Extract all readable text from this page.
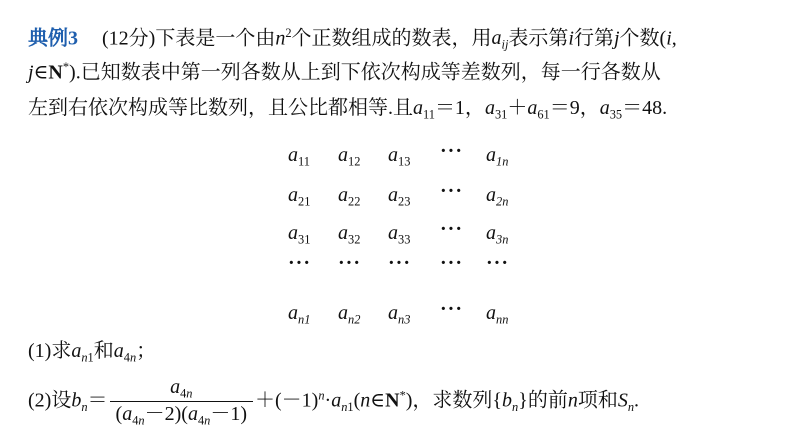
典例3 (12分)下表是一个由$n^2$个正数组成的数表，用$a_{ij}$表示第i行第j个数(i,
j∈N*).已知数表中第一列各数从上到下依次构成等差数列，每一行各数从
左到右依次构成等比数列，且公比都相等.且$a_{11}=1$，$a_{31}+a_{61}=9$，$a_{35}=48$.
$a_{11}$ $a_{12}$ $a_{13}$ ··· $a_{1n}$
$a_{21}$ $a_{22}$ $a_{23}$ ··· $a_{2n}$
$a_{31}$ $a_{32}$ $a_{33}$ ··· $a_{3n}$
··· ··· ··· ··· ···
$a_{n1}$ $a_{n2}$ $a_{n3}$ ··· $a_{nn}$
(1)求$a_{n1}$和$a_{4n}$；
(2)设$b_n= \frac{a_{4n}}{(a_{4n}-2)(a_{4n}-1)}$ $+(-1)^n\cdot a_{n1}(n\in N^*)$，求数列$\{b_n\}$的前n项和$S_n$.
